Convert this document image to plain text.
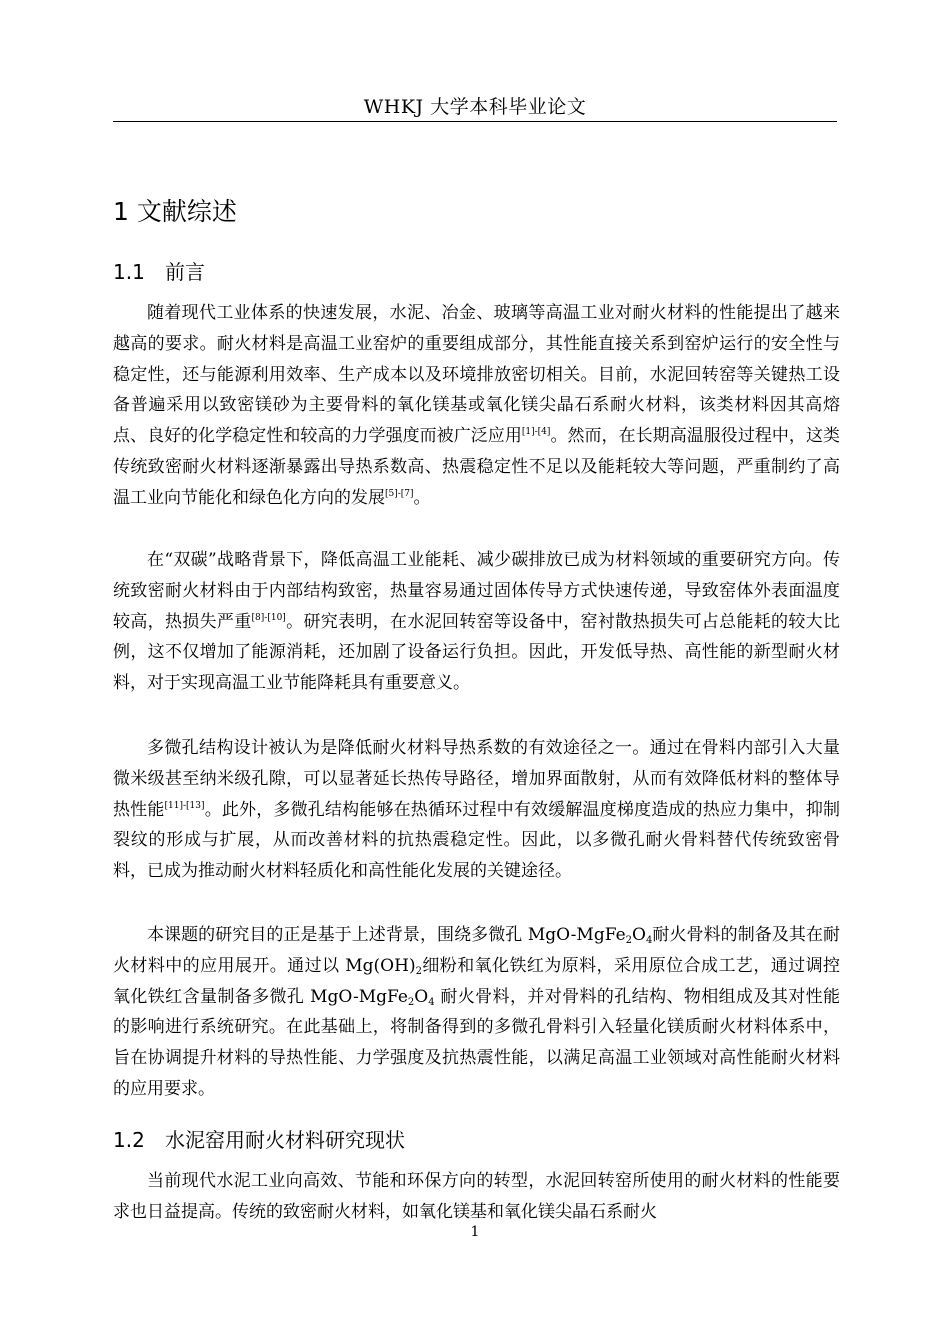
WHKJ 大学本科毕业论文
1 文献综述
1.1 前言

随着现代工业体系的快速发展，水泥、冶金、玻璃等高温工业对耐火材料的性能提出了越来越高的要求。耐火材料是高温工业窑炉的重要组成部分，其性能直接关系到窑炉运行的安全性与稳定性，还与能源利用效率、生产成本以及环境排放密切相关。目前，水泥回转窑等关键热工设备普遍采用以致密镁砂为主要骨料的氧化镁基或氧化镁尖晶石系耐火材料，该类材料因其高熔点、良好的化学稳定性和较高的力学强度而被广泛应用[1]-[4]。然而，在长期高温服役过程中，这类传统致密耐火材料逐渐暴露出导热系数高、热震稳定性不足以及能耗较大等问题，严重制约了高温工业向节能化和绿色化方向的发展[5]-[7]。

在“双碳”战略背景下，降低高温工业能耗、减少碳排放已成为材料领域的重要研究方向。传统致密耐火材料由于内部结构致密，热量容易通过固体传导方式快速传递，导致窑体外表面温度较高，热损失严重[8]-[10]。研究表明，在水泥回转窑等设备中，窑衬散热损失可占总能耗的较大比例，这不仅增加了能源消耗，还加剧了设备运行负担。因此，开发低导热、高性能的新型耐火材料，对于实现高温工业节能降耗具有重要意义。

多微孔结构设计被认为是降低耐火材料导热系数的有效途径之一。通过在骨料内部引入大量微米级甚至纳米级孔隙，可以显著延长热传导路径，增加界面散射，从而有效降低材料的整体导热性能[11]-[13]。此外，多微孔结构能够在热循环过程中有效缓解温度梯度造成的热应力集中，抑制裂纹的形成与扩展，从而改善材料的抗热震稳定性。因此，以多微孔耐火骨料替代传统致密骨料，已成为推动耐火材料轻质化和高性能化发展的关键途径。

本课题的研究目的正是基于上述背景，围绕多微孔 MgO-$MgFe_2O_4$耐火骨料的制备及其在耐火材料中的应用展开。通过以 $Mg(OH)_2$细粉和氧化铁红为原料，采用原位合成工艺，通过调控氧化铁红含量制备多微孔 MgO-$MgFe_2O_4$ 耐火骨料，并对骨料的孔结构、物相组成及其对性能的影响进行系统研究。在此基础上，将制备得到的多微孔骨料引入轻量化镁质耐火材料体系中，旨在协调提升材料的导热性能、力学强度及抗热震性能，以满足高温工业领域对高性能耐火材料的应用要求。

1.2 水泥窑用耐火材料研究现状

当前现代水泥工业向高效、节能和环保方向的转型，水泥回转窑所使用的耐火材料的性能要求也日益提高。传统的致密耐火材料，如氧化镁基和氧化镁尖晶石系耐火

1
